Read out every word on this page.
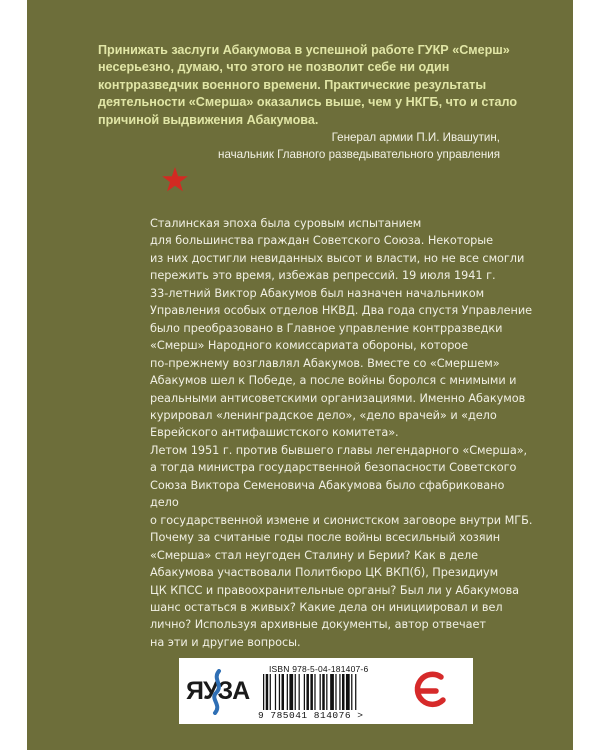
Принижать заслуги Абакумова в успешной работе ГУКР «Смерш» несерьезно, думаю, что этого не позволит себе ни один контрразведчик военного времени. Практические результаты деятельности «Смерша» оказались выше, чем у НКГБ, что и стало причиной выдвижения Абакумова.

Генерал армии П.И. Ивашутин,
начальник Главного разведывательного управления

Сталинская эпоха была суровым испытанием
для большинства граждан Советского Союза. Некоторые
из них достигли невиданных высот и власти, но не все смогли
пережить это время, избежав репрессий. 19 июля 1941 г.
33-летний Виктор Абакумов был назначен начальником
Управления особых отделов НКВД. Два года спустя Управление
было преобразовано в Главное управление контрразведки
«Смерш» Народного комиссариата обороны, которое
по-прежнему возглавлял Абакумов. Вместе со «Смершем»
Абакумов шел к Победе, а после войны боролся с мнимыми и
реальными антисоветскими организациями. Именно Абакумов
курировал «ленинградское дело», «дело врачей» и «дело
Еврейского антифашистского комитета».

Летом 1951 г. против бывшего главы легендарного «Смерша»,
а тогда министра государственной безопасности Советского
Союза Виктора Семеновича Абакумова было сфабриковано дело
о государственной измене и сионистском заговоре внутри МГБ.

Почему за считаные годы после войны всесильный хозяин
«Смерша» стал неугоден Сталину и Берии? Как в деле
Абакумова участвовали Политбюро ЦК ВКП(б), Президиум
ЦК КПСС и правоохранительные органы? Был ли у Абакумова
шанс остаться в живых? Какие дела он инициировал и вел
лично? Используя архивные документы, автор отвечает
на эти и другие вопросы.

ЯУЗА
ISBN 978-5-04-181407-6
9 785041 814076 >
